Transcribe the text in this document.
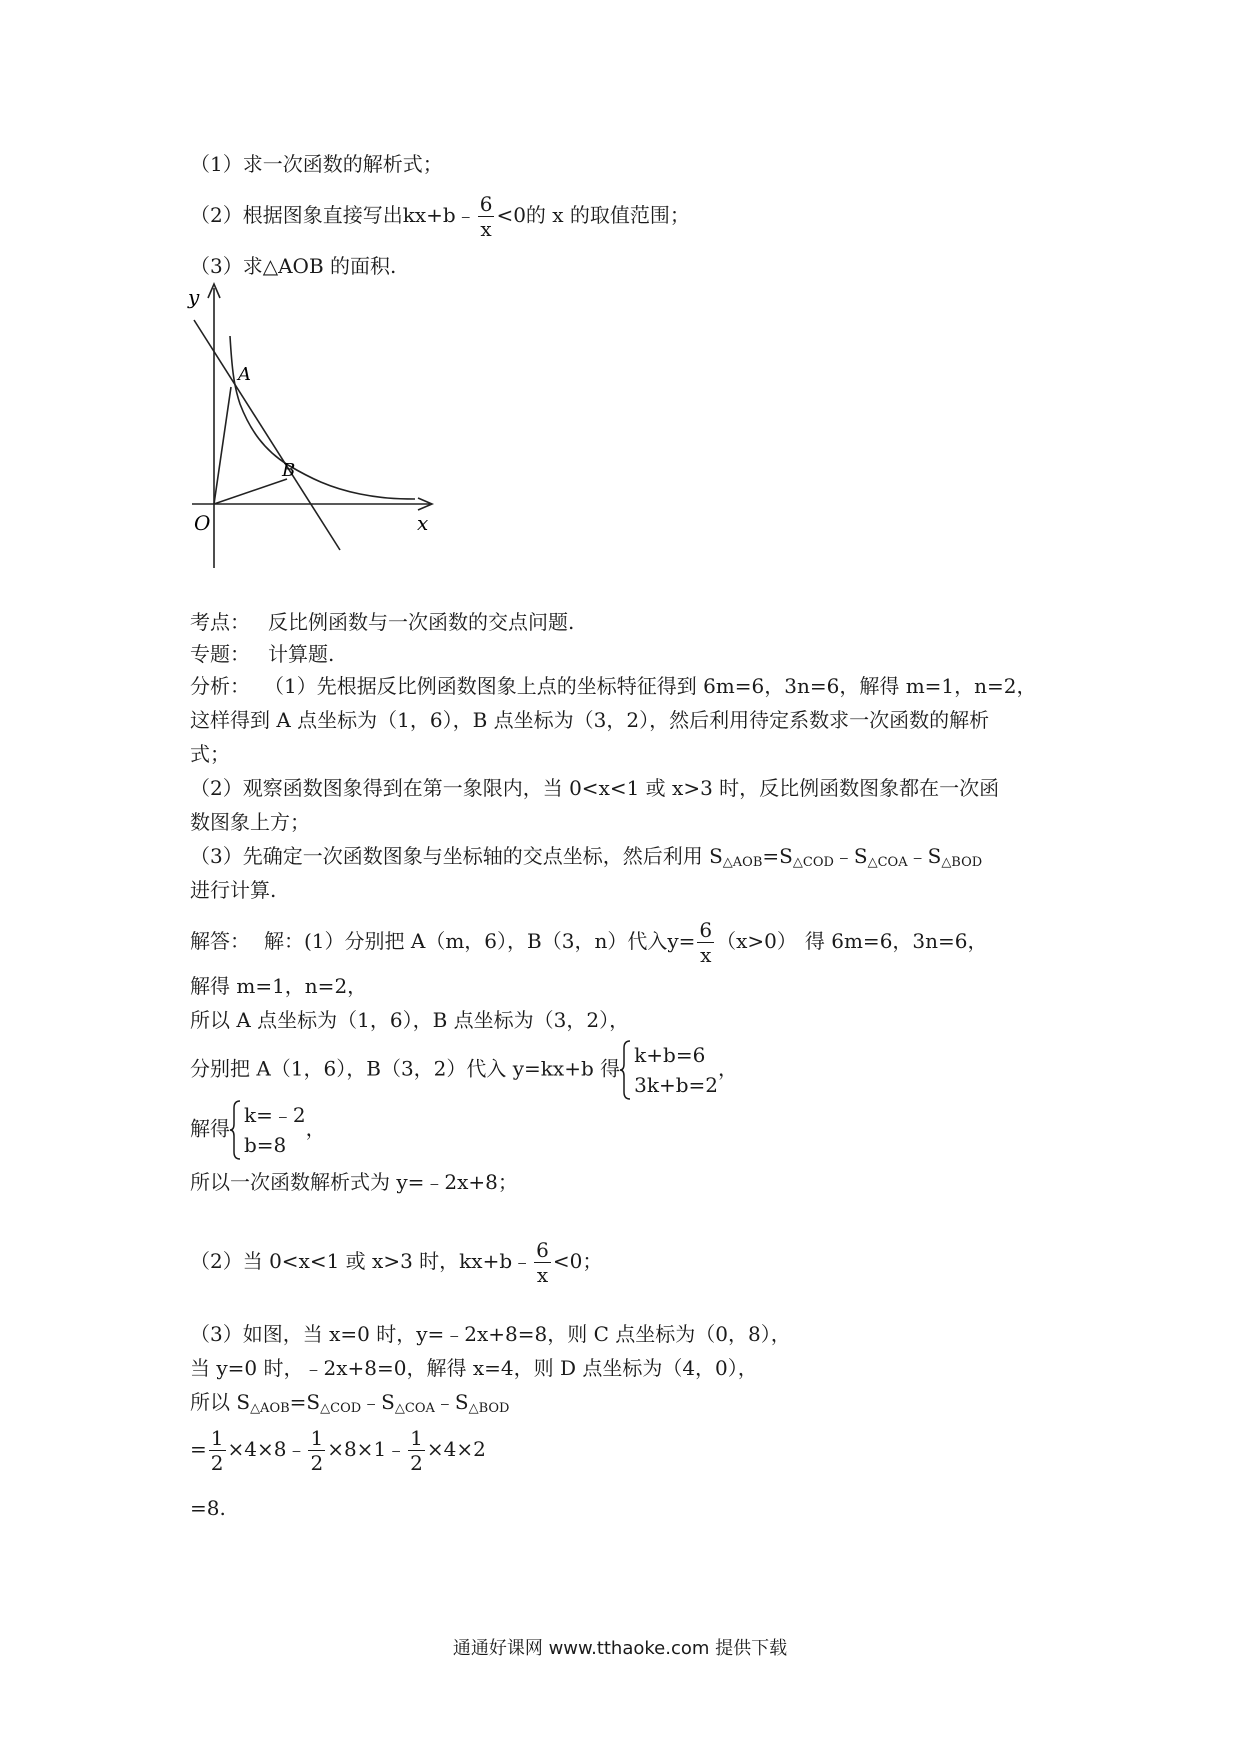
（1）求一次函数的解析式；
（2）根据图象直接写出kx+b﹣ $\frac{6}{x} <0$的 x 的取值范围；
（3）求△AOB 的面积.
y
x
O
A
B
考点： 反比例函数与一次函数的交点问题.
专题： 计算题.
分析： （1）先根据反比例函数图象上点的坐标特征得到 6m=6，3n=6，解得 m=1，n=2，
这样得到 A 点坐标为（1，6），B 点坐标为（3，2），然后利用待定系数求一次函数的解析
式；
（2）观察函数图象得到在第一象限内，当 0<x<1 或 x>3 时，反比例函数图象都在一次函
数图象上方；
（3）先确定一次函数图象与坐标轴的交点坐标，然后利用 $S_{\triangle AOB}=S_{\triangle COD}﹣S_{\triangle COA}﹣S_{\triangle BOD}$
进行计算.
解答： 解：(1）分别把 A（m，6），B（3，n）代入$y= \frac{6}{x} (x>0)$ 得 6m=6，3n=6，
解得 m=1，n=2，
所以 A 点坐标为（1，6），B 点坐标为（3，2），
分别把 A（1，6），B（3，2）代入 y=kx+b 得
k+b=6
3k+b=2
，
解得
k=﹣2
b=8
，
所以一次函数解析式为 y=﹣2x+8；
（2）当 0<x<1 或 x>3 时，kx+b﹣ $\frac{6}{x} <0$；
（3）如图，当 x=0 时，y=﹣2x+8=8，则 C 点坐标为（0，8），
当 y=0 时，﹣2x+8=0，解得 x=4，则 D 点坐标为（4，0），
所以 $S_{\triangle AOB}=S_{\triangle COD}﹣S_{\triangle COA}﹣S_{\triangle BOD}$
= $\frac{1}{2}$ ×4×8﹣ $\frac{1}{2}$ ×8×1﹣ $\frac{1}{2} \times 4\times 2$
=8.
通通好课网 www.tthaoke.com 提供下载
